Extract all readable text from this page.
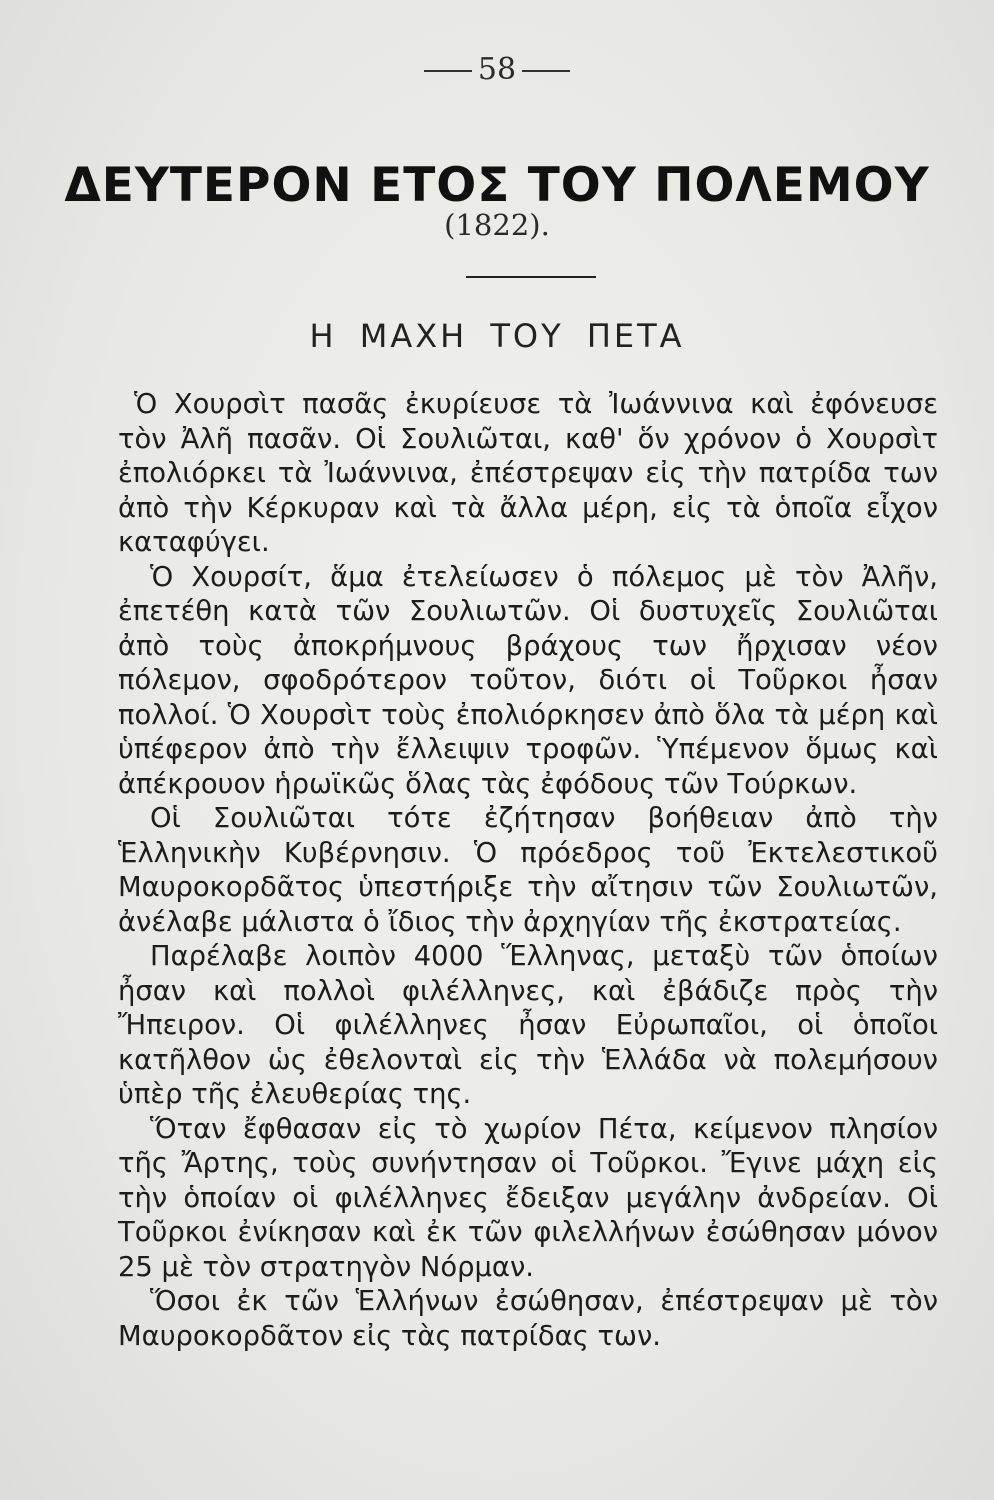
58
ΔΕΥΤΕΡΟΝ ΕΤΟΣ ΤΟΥ ΠΟΛΕΜΟΥ
(1822).
Η ΜΑΧΗ ΤΟΥ ΠΕΤΑ

Ὁ Χουρσὶτ πασᾶς ἐκυρίευσε τὰ Ἰωάννινα καὶ ἐφόνευσε τὸν Ἀλῆ πασᾶν. Οἱ Σουλιῶται, καθ' ὅν χρόνον ὁ Χουρσὶτ ἐπολιόρκει τὰ Ἰωάννινα, ἐπέστρεψαν εἰς τὴν πατρίδα των ἀπὸ τὴν Κέρκυραν καὶ τὰ ἄλλα μέρη, εἰς τὰ ὁποῖα εἶχον καταφύγει.

Ὁ Χουρσίτ, ἅμα ἐτελείωσεν ὁ πόλεμος μὲ τὸν Ἀλῆν, ἐπετέθη κατὰ τῶν Σουλιωτῶν. Οἱ δυστυχεῖς Σουλιῶται ἀπὸ τοὺς ἀποκρήμνους βράχους των ἤρχισαν νέον πόλεμον, σφοδρότερον τοῦτον, διότι οἱ Τοῦρκοι ἦσαν πολλοί. Ὁ Χουρσὶτ τοὺς ἐπολιόρκησεν ἀπὸ ὅλα τὰ μέρη καὶ ὑπέφερον ἀπὸ τὴν ἔλλειψιν τροφῶν. Ὑπέμενον ὅμως καὶ ἀπέκρουον ἡρωϊκῶς ὅλας τὰς ἐφόδους τῶν Τούρκων.

Οἱ Σουλιῶται τότε ἐζήτησαν βοήθειαν ἀπὸ τὴν Ἑλληνικὴν Κυβέρνησιν. Ὁ πρόεδρος τοῦ Ἐκτελεστικοῦ Μαυροκορδᾶτος ὑπεστήριξε τὴν αἴτησιν τῶν Σουλιωτῶν, ἀνέλαβε μάλιστα ὁ ἴδιος τὴν ἀρχηγίαν τῆς ἐκστρατείας.

Παρέλαβε λοιπὸν 4000 Ἕλληνας, μεταξὺ τῶν ὁποίων ἦσαν καὶ πολλοὶ φιλέλληνες, καὶ ἐβάδιζε πρὸς τὴν Ἤπειρον. Οἱ φιλέλληνες ἦσαν Εὐρωπαῖοι, οἱ ὁποῖοι κατῆλθον ὡς ἐθελονταὶ εἰς τὴν Ἑλλάδα νὰ πολεμήσουν ὑπὲρ τῆς ἐλευθερίας της.

Ὅταν ἔφθασαν εἰς τὸ χωρίον Πέτα, κείμενον πλησίον τῆς Ἄρτης, τοὺς συνήντησαν οἱ Τοῦρκοι. Ἔγινε μάχη εἰς τὴν ὁποίαν οἱ φιλέλληνες ἔδειξαν μεγάλην ἀνδρείαν. Οἱ Τοῦρκοι ἐνίκησαν καὶ ἐκ τῶν φιλελλήνων ἐσώθησαν μόνον 25 μὲ τὸν στρατηγὸν Νόρμαν.

Ὅσοι ἐκ τῶν Ἑλλήνων ἐσώθησαν, ἐπέστρεψαν μὲ τὸν Μαυροκορδᾶτον εἰς τὰς πατρίδας των.
